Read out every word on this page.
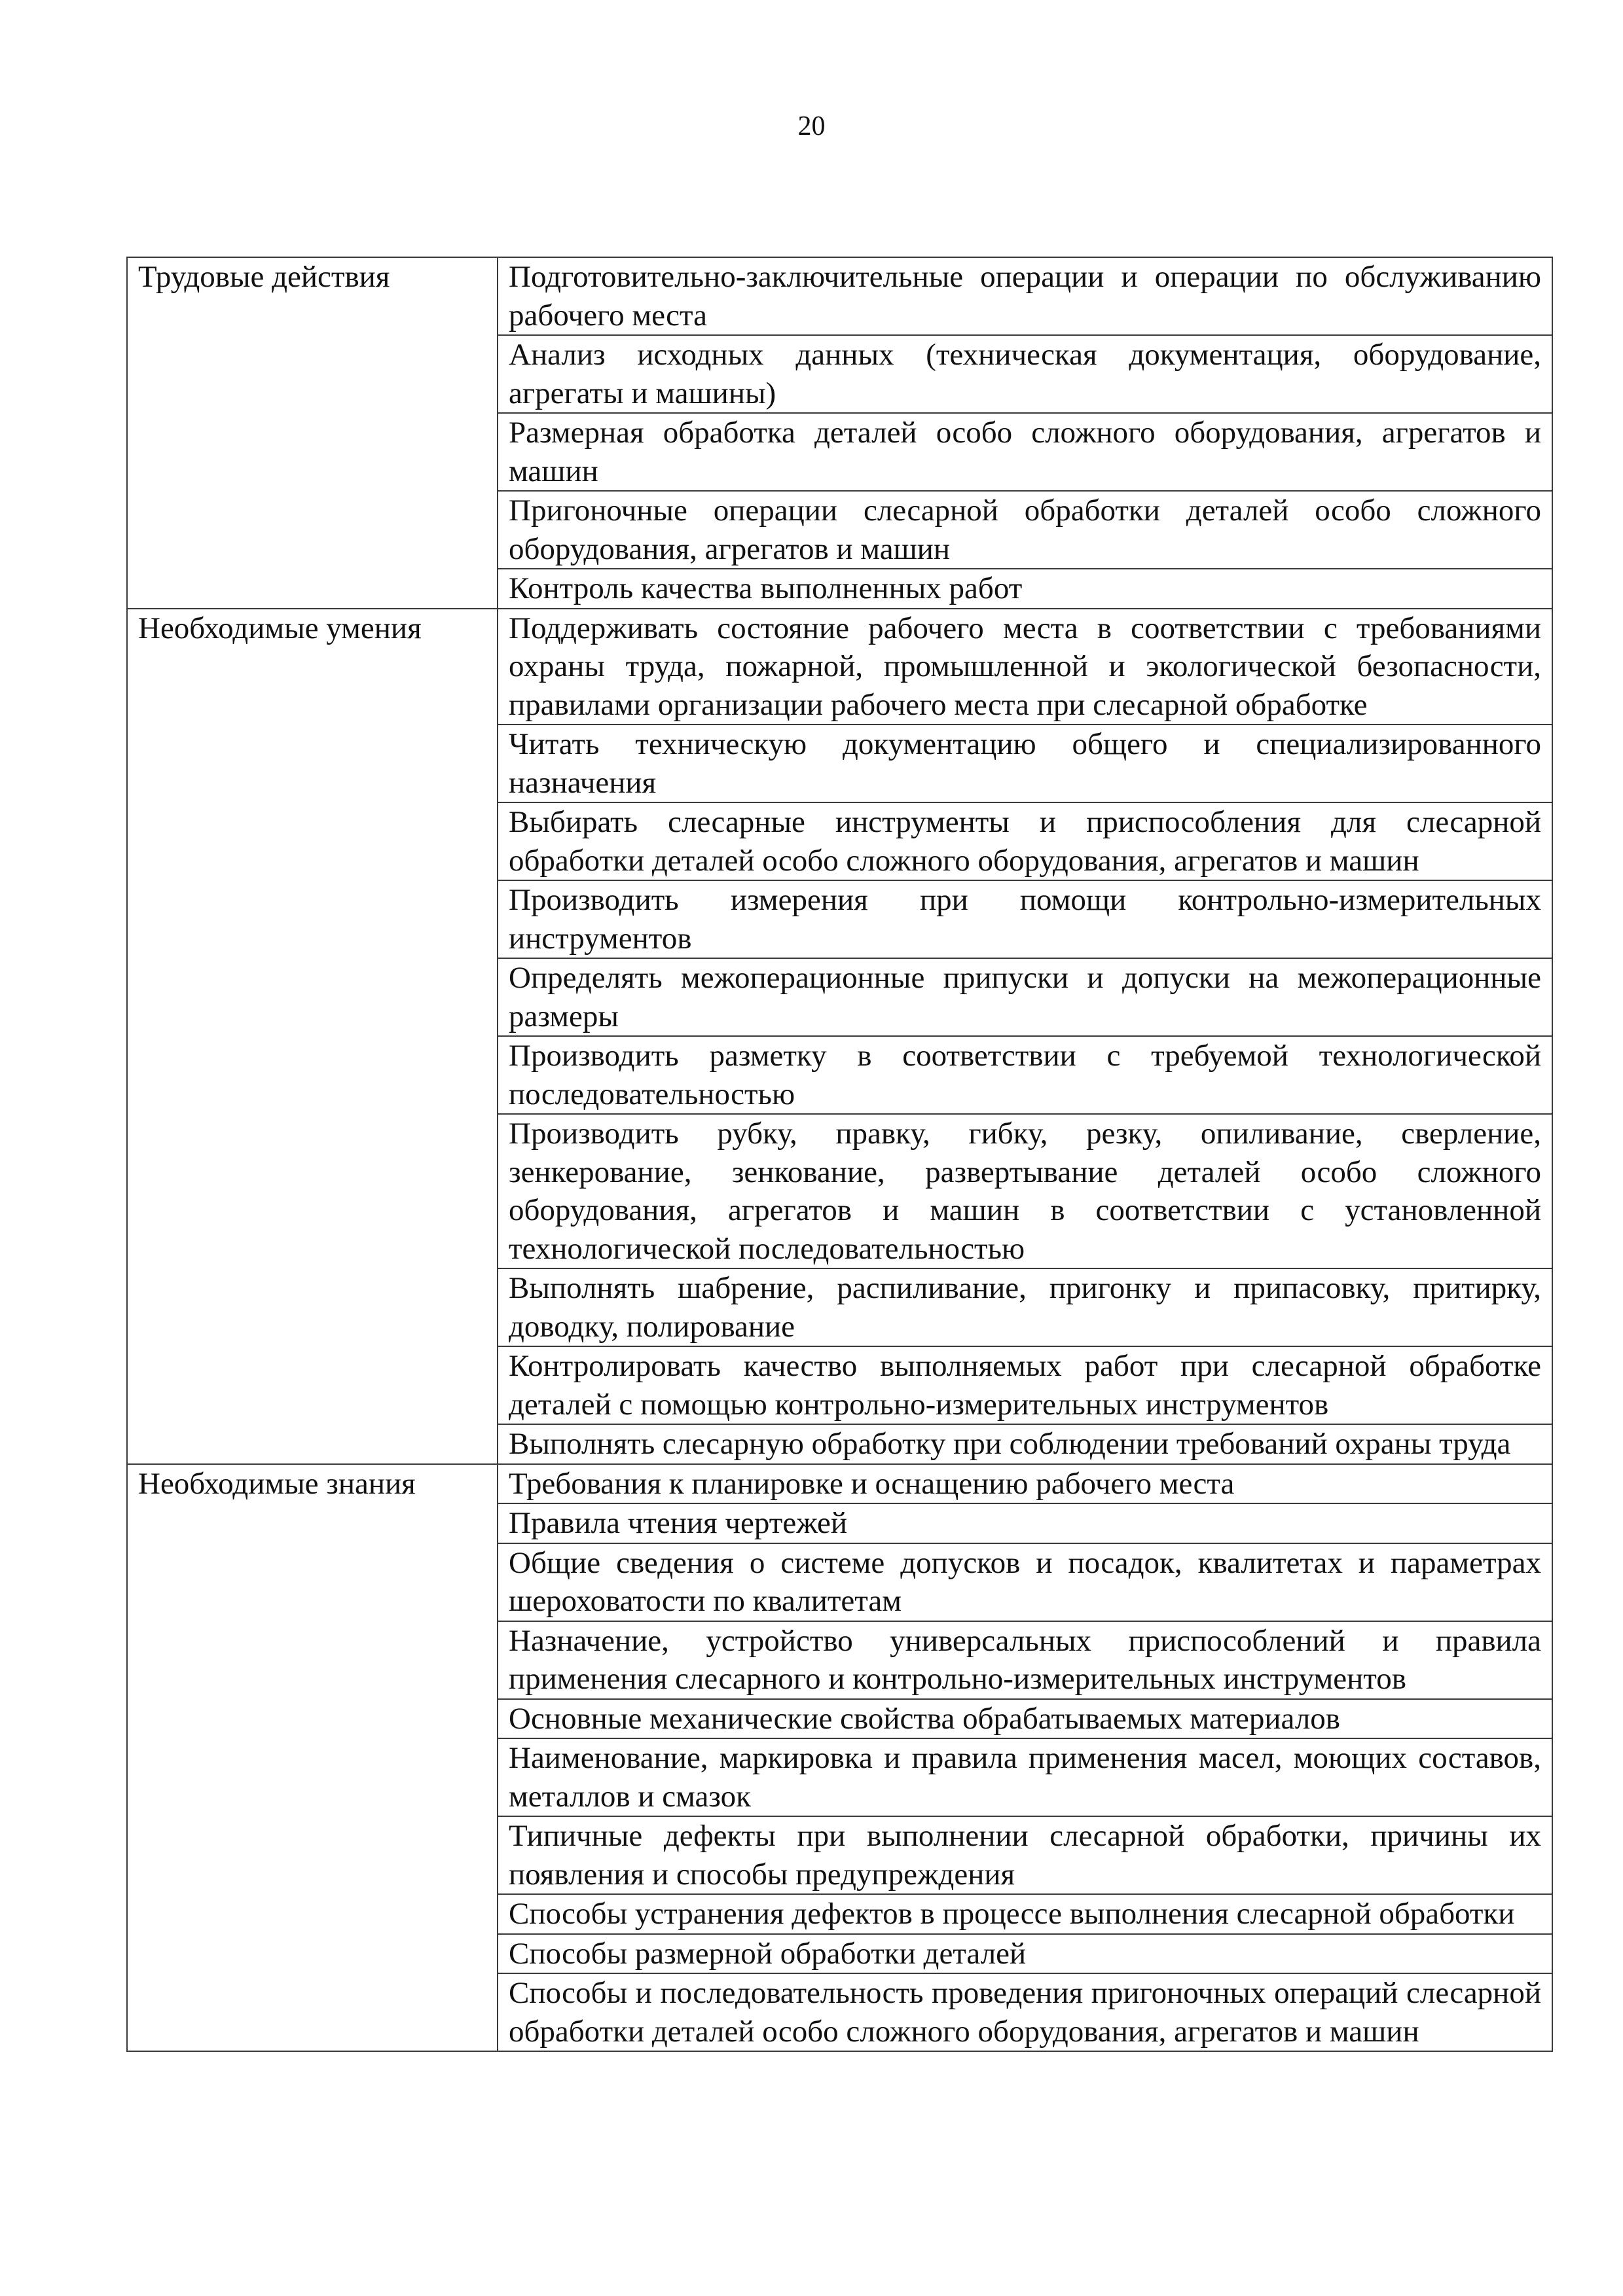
20
Трудовые действия	Подготовительно-заключительные операции и операции по обслуживанию рабочего места

	Анализ исходных данных (техническая документация, оборудование, агрегаты и машины)

	Размерная обработка деталей особо сложного оборудования, агрегатов и машин

	Пригоночные операции слесарной обработки деталей особо сложного оборудования, агрегатов и машин

	Контроль качества выполненных работ

Необходимые умения	Поддерживать состояние рабочего места в соответствии с требованиями охраны труда, пожарной, промышленной и экологической безопасности, правилами организации рабочего места при слесарной обработке

	Читать техническую документацию общего и специализированного назначения

	Выбирать слесарные инструменты и приспособления для слесарной обработки деталей особо сложного оборудования, агрегатов и машин

	Производить измерения при помощи контрольно-измерительных инструментов

	Определять межоперационные припуски и допуски на межоперационные размеры

	Производить разметку в соответствии с требуемой технологической последовательностью

	Производить рубку, правку, гибку, резку, опиливание, сверление, зенкерование, зенкование, развертывание деталей особо сложного оборудования, агрегатов и машин в соответствии с установленной технологической последовательностью

	Выполнять шабрение, распиливание, пригонку и припасовку, притирку, доводку, полирование

	Контролировать качество выполняемых работ при слесарной обработке деталей с помощью контрольно-измерительных инструментов

	Выполнять слесарную обработку при соблюдении требований охраны труда

Необходимые знания	Требования к планировке и оснащению рабочего места

	Правила чтения чертежей

	Общие сведения о системе допусков и посадок, квалитетах и параметрах шероховатости по квалитетам

	Назначение, устройство универсальных приспособлений и правила применения слесарного и контрольно-измерительных инструментов

	Основные механические свойства обрабатываемых материалов

	Наименование, маркировка и правила применения масел, моющих составов, металлов и смазок

	Типичные дефекты при выполнении слесарной обработки, причины их появления и способы предупреждения

	Способы устранения дефектов в процессе выполнения слесарной обработки

	Способы размерной обработки деталей

	Способы и последовательность проведения пригоночных операций слесарной обработки деталей особо сложного оборудования, агрегатов и машин
